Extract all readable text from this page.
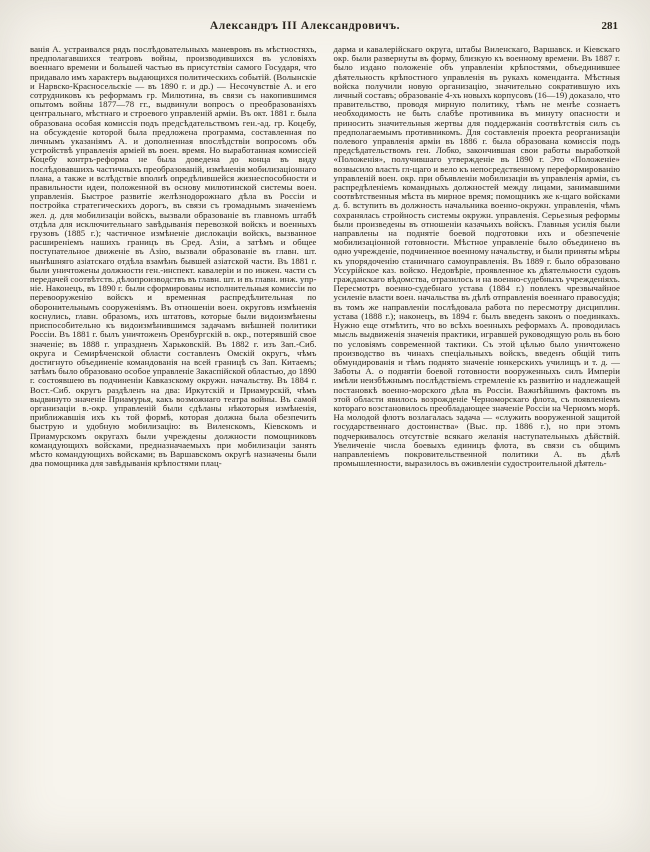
Александръ III Александровичъ.	281
ванія А. устраивался рядъ послѣдовательныхъ маневровъ въ мѣстностяхъ, предполагавшихся театровъ войны, производившихся въ условіяхъ военнаго времени и большей частью въ присутствіи самого Государя, что придавало имъ характеръ выдающихся политическихъ событій. (Волынскіе и Нарвско-Красносельскіе — въ 1890 г. и др.) — Несочувствіе А. и его сотрудниковъ къ реформамъ гр. Милютина, въ связи съ накопившимся опытомъ войны 1877—78 гг., выдвинули вопросъ о преобразованіяхъ центральнаго, мѣстнаго и строевого управленій арміи. Въ окт. 1881 г. была образована особая комиссія подъ предсѣдательствомъ ген.-ад. гр. Коцебу, на обсужденіе которой была предложена программа, составленная по личнымъ указаніямъ А. и дополненная впослѣдствіи вопросомъ объ устройствѣ управленія арміей въ воен. время. Но выработанная комиссіей Коцебу контръ-реформа не была доведена до конца въ виду послѣдовавшихъ частичныхъ преобразованій, измѣненія мобилизаціоннаго плана, а также и вслѣдствіе вполнѣ опредѣлившейся жизнеспособности и правильности идеи, положенной въ основу милютинской системы воен. управленія. Быстрое развитіе желѣзнодорожнаго дѣла въ Россіи и постройка стратегическихъ дорогъ, въ связи съ громаднымъ значеніемъ жел. д. для мобилизаціи войскъ, вызвали образованіе въ главномъ штабѣ отдѣла для исключительнаго завѣдыванія перевозкой войскъ и военныхъ грузовъ (1885 г.); частичное измѣненіе дислокаціи войскъ, вызванное расширеніемъ нашихъ границъ въ Сред. Азіи, а затѣмъ и общее поступательное движеніе въ Азію, вызвали образованіе въ главн. шт. нынѣшняго азіатскаго отдѣла взамѣнъ бывшей азіатской части. Въ 1881 г. были уничтожены должности ген.-инспект. кавалеріи и по инжен. части съ передачей соотвѣтств. дѣлопроизводствъ въ главн. шт. и въ главн. инж. упр-ніе. Наконецъ, въ 1890 г. были сформированы исполнительныя комиссіи по перевооруженію войскъ и временная распредѣлительная по оборонительнымъ сооруженіямъ. Въ отношеніи воен. округовъ измѣненія коснулись, главн. образомъ, ихъ штатовъ, которые были видоизмѣнены приспособительно къ видоизмѣнившимся задачамъ внѣшней политики Россіи. Въ 1881 г. былъ уничтоженъ Оренбургскій в. окр., потерявшій свое значеніе; въ 1888 г. упраздненъ Харьковскій. Въ 1882 г. изъ Зап.-Сиб. округа и Семирѣченской области составленъ Омскій округъ, чѣмъ достигнуто объединеніе командованія на всей границѣ съ Зап. Китаемъ; затѣмъ было образовано особое управленіе Закаспійской областью, до 1890 г. состоявшею въ подчиненіи Кавказскому окружн. начальству. Въ 1884 г. Вост.-Сиб. округъ раздѣленъ на два: Иркутскій и Приамурскій, чѣмъ выдвинуто значеніе Приамурья, какъ возможнаго театра войны. Въ самой организаціи в.-окр. управленій были сдѣланы нѣкоторыя измѣненія, приближавшія ихъ къ той формѣ, которая должна была обезпечить быструю и удобную мобилизацію: въ Виленскомъ, Кіевскомъ и Приамурскомъ округахъ были учреждены должности помощниковъ командующихъ войсками, предназначаемыхъ при мобилизаціи занять мѣсто командующихъ войсками; въ Варшавскомъ округѣ назначены были два помощника для завѣдыванія крѣпостями плац-
дарма и кавалерійскаго округа, штабы Виленскаго, Варшавск. и Кіевскаго окр. были развернуты въ форму, близкую къ военному времени. Въ 1887 г. было издано положеніе объ управленіи крѣпостями, объединившее дѣятельность крѣпостного управленія въ рукахъ коменданта. Мѣстныя войска получили новую организацію, значительно сократившую ихъ личный составъ; образованіе 4-хъ новыхъ корпусовъ (16—19) доказало, что правительство, проводя мирную политику, тѣмъ не менѣе сознаетъ необходимость не быть слабѣе противника въ минуту опасности и приносить значительныя жертвы для поддержанія соотвѣтствія силъ съ предполагаемымъ противникомъ. Для составленія проекта реорганизаціи полевого управленія арміи въ 1886 г. была образована комиссія подъ предсѣдательствомъ ген. Лобко, закончившая свои работы выработкой «Положенія», получившаго утвержденіе въ 1890 г. Это «Положеніе» возвысило власть гл-щаго и вело къ непосредственному переформированію управленій воен. окр. при объявленіи мобилизаціи въ управленія арміи, съ распредѣленіемъ командныхъ должностей между лицами, занимавшими соотвѣтственныя мѣста въ мирное время; помощникъ же к-щаго войсками д. б. вступить въ должность начальника военно-окружн. управленія, чѣмъ сохранялась стройность системы окружн. управленія. Серьезныя реформы были произведены въ отношеніи казачьихъ войскъ. Главныя усилія были направлены на поднятіе боевой подготовки ихъ и обезпеченіе мобилизаціонной готовности. Мѣстное управленіе было объединено въ одно учрежденіе, подчиненное военному начальству, и были приняты мѣры къ упорядоченію станичнаго самоуправленія. Въ 1889 г. было образовано Уссурійское каз. войско. Недовѣріе, проявленное къ дѣятельности судовъ гражданскаго вѣдомства, отразилось и на военно-судебныхъ учрежденіяхъ. Пересмотръ военно-судебнаго устава (1884 г.) повлекъ чрезвычайное усиленіе власти воен. начальства въ дѣлѣ отправленія военнаго правосудія; въ томъ же направленіи послѣдовала работа по пересмотру дисциплин. устава (1888 г.); наконецъ, въ 1894 г. былъ введенъ законъ о поединкахъ. Нужно еще отмѣтить, что во всѣхъ военныхъ реформахъ А. проводилась мысль выдвиженія значенія практики, игравшей руководящую роль въ бою по условіямъ современной тактики. Съ этой цѣлью было уничтожено производство въ чинахъ спеціальныхъ войскъ, введенъ общій типъ обмундированія и тѣмъ поднято значеніе юнкерскихъ училищъ и т. д. — Заботы А. о поднятіи боевой готовности вооруженныхъ силъ Имперіи имѣли неизбѣжнымъ послѣдствіемъ стремленіе къ развитію и надлежащей постановкѣ военно-морского дѣла въ Россіи. Важнѣйшимъ фактомъ въ этой области явилось возрожденіе Черноморскаго флота, съ появленіемъ котораго возстановилось преобладающее значеніе Россіи на Черномъ морѣ. На молодой флотъ возлагалась задача — «служить вооруженной защитой государственнаго достоинства» (Выс. пр. 1886 г.), но при этомъ подчеркивалось отсутствіе всякаго желанія наступательныхъ дѣйствій. Увеличеніе числа боевыхъ единицъ флота, въ связи съ общимъ направленіемъ покровительственной политики А. въ дѣлѣ промышленности, выразилось въ оживленіи судостроительной дѣятель-
